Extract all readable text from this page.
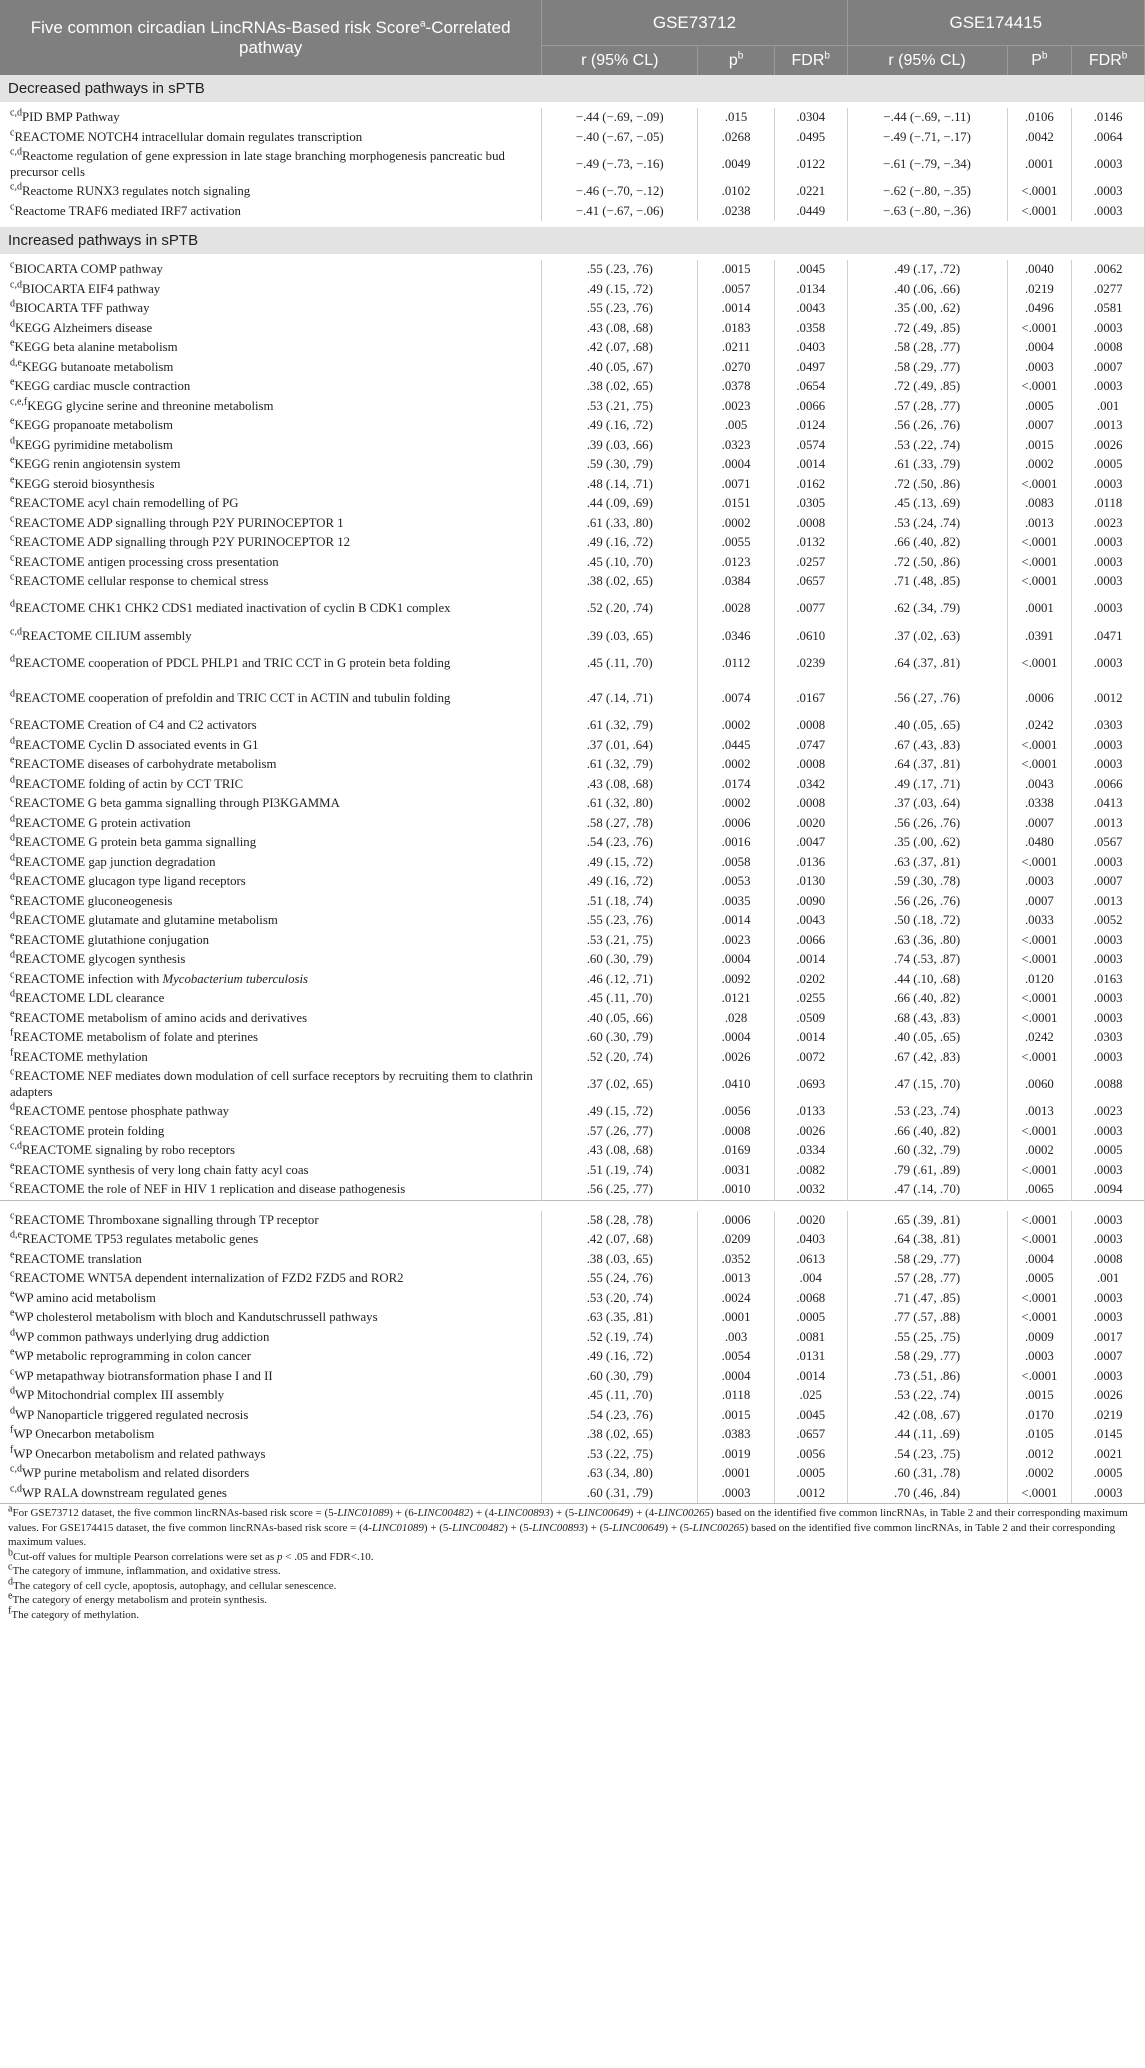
Five common circadian LincRNAs-Based risk Score$^a$-Correlated pathway	GSE73712			GSE174415		
	r (95% CL)	$p^b$	FDR$^b$	r (95% CL)	$P^b$	FDR$^b$
Decreased pathways in sPTB						

$^{c,d}$PID BMP Pathway	−.44 (−.69, −.09)	.015	.0304	−.44 (−.69, −.11)	.0106	.0146
$^c$REACTOME NOTCH4 intracellular domain regulates transcription	−.40 (−.67, −.05)	.0268	.0495	−.49 (−.71, −.17)	.0042	.0064
$^{c,d}$Reactome regulation of gene expression in late stage branching morphogenesis pancreatic bud precursor cells	−.49 (−.73, −.16)	.0049	.0122	−.61 (−.79, −.34)	.0001	.0003
$^{c,d}$Reactome RUNX3 regulates notch signaling	−.46 (−.70, −.12)	.0102	.0221	−.62 (−.80, −.35)	<.0001	.0003
$^c$Reactome TRAF6 mediated IRF7 activation	−.41 (−.67, −.06)	.0238	.0449	−.63 (−.80, −.36)	<.0001	.0003

Increased pathways in sPTB						

$^c$BIOCARTA COMP pathway	.55 (.23, .76)	.0015	.0045	.49 (.17, .72)	.0040	.0062
$^{c,d}$BIOCARTA EIF4 pathway	.49 (.15, .72)	.0057	.0134	.40 (.06, .66)	.0219	.0277
$^d$BIOCARTA TFF pathway	.55 (.23, .76)	.0014	.0043	.35 (.00, .62)	.0496	.0581
$^d$KEGG Alzheimers disease	.43 (.08, .68)	.0183	.0358	.72 (.49, .85)	<.0001	.0003
$^e$KEGG beta alanine metabolism	.42 (.07, .68)	.0211	.0403	.58 (.28, .77)	.0004	.0008
$^{d,e}$KEGG butanoate metabolism	.40 (.05, .67)	.0270	.0497	.58 (.29, .77)	.0003	.0007
$^e$KEGG cardiac muscle contraction	.38 (.02, .65)	.0378	.0654	.72 (.49, .85)	<.0001	.0003
$^{c,e,f}$KEGG glycine serine and threonine metabolism	.53 (.21, .75)	.0023	.0066	.57 (.28, .77)	.0005	.001
$^e$KEGG propanoate metabolism	.49 (.16, .72)	.005	.0124	.56 (.26, .76)	.0007	.0013
$^d$KEGG pyrimidine metabolism	.39 (.03, .66)	.0323	.0574	.53 (.22, .74)	.0015	.0026
$^e$KEGG renin angiotensin system	.59 (.30, .79)	.0004	.0014	.61 (.33, .79)	.0002	.0005
$^e$KEGG steroid biosynthesis	.48 (.14, .71)	.0071	.0162	.72 (.50, .86)	<.0001	.0003
$^e$REACTOME acyl chain remodelling of PG	.44 (.09, .69)	.0151	.0305	.45 (.13, .69)	.0083	.0118
$^c$REACTOME ADP signalling through P2Y PURINOCEPTOR 1	.61 (.33, .80)	.0002	.0008	.53 (.24, .74)	.0013	.0023
$^c$REACTOME ADP signalling through P2Y PURINOCEPTOR 12	.49 (.16, .72)	.0055	.0132	.66 (.40, .82)	<.0001	.0003
$^c$REACTOME antigen processing cross presentation	.45 (.10, .70)	.0123	.0257	.72 (.50, .86)	<.0001	.0003
$^c$REACTOME cellular response to chemical stress	.38 (.02, .65)	.0384	.0657	.71 (.48, .85)	<.0001	.0003
$^d$REACTOME CHK1 CHK2 CDS1 mediated inactivation of cyclin B CDK1 complex	.52 (.20, .74)	.0028	.0077	.62 (.34, .79)	.0001	.0003
$^{c,d}$REACTOME CILIUM assembly	.39 (.03, .65)	.0346	.0610	.37 (.02, .63)	.0391	.0471
$^d$REACTOME cooperation of PDCL PHLP1 and TRIC CCT in G protein beta folding	.45 (.11, .70)	.0112	.0239	.64 (.37, .81)	<.0001	.0003
$^d$REACTOME cooperation of prefoldin and TRIC CCT in ACTIN and tubulin folding	.47 (.14, .71)	.0074	.0167	.56 (.27, .76)	.0006	.0012
$^c$REACTOME Creation of C4 and C2 activators	.61 (.32, .79)	.0002	.0008	.40 (.05, .65)	.0242	.0303
$^d$REACTOME Cyclin D associated events in G1	.37 (.01, .64)	.0445	.0747	.67 (.43, .83)	<.0001	.0003
$^e$REACTOME diseases of carbohydrate metabolism	.61 (.32, .79)	.0002	.0008	.64 (.37, .81)	<.0001	.0003
$^d$REACTOME folding of actin by CCT TRIC	.43 (.08, .68)	.0174	.0342	.49 (.17, .71)	.0043	.0066
$^c$REACTOME G beta gamma signalling through PI3KGAMMA	.61 (.32, .80)	.0002	.0008	.37 (.03, .64)	.0338	.0413
$^d$REACTOME G protein activation	.58 (.27, .78)	.0006	.0020	.56 (.26, .76)	.0007	.0013
$^d$REACTOME G protein beta gamma signalling	.54 (.23, .76)	.0016	.0047	.35 (.00, .62)	.0480	.0567
$^d$REACTOME gap junction degradation	.49 (.15, .72)	.0058	.0136	.63 (.37, .81)	<.0001	.0003
$^d$REACTOME glucagon type ligand receptors	.49 (.16, .72)	.0053	.0130	.59 (.30, .78)	.0003	.0007
$^e$REACTOME gluconeogenesis	.51 (.18, .74)	.0035	.0090	.56 (.26, .76)	.0007	.0013
$^d$REACTOME glutamate and glutamine metabolism	.55 (.23, .76)	.0014	.0043	.50 (.18, .72)	.0033	.0052
$^e$REACTOME glutathione conjugation	.53 (.21, .75)	.0023	.0066	.63 (.36, .80)	<.0001	.0003
$^d$REACTOME glycogen synthesis	.60 (.30, .79)	.0004	.0014	.74 (.53, .87)	<.0001	.0003
$^c$REACTOME infection with Mycobacterium tuberculosis	.46 (.12, .71)	.0092	.0202	.44 (.10, .68)	.0120	.0163
$^d$REACTOME LDL clearance	.45 (.11, .70)	.0121	.0255	.66 (.40, .82)	<.0001	.0003
$^e$REACTOME metabolism of amino acids and derivatives	.40 (.05, .66)	.028	.0509	.68 (.43, .83)	<.0001	.0003
$^f$REACTOME metabolism of folate and pterines	.60 (.30, .79)	.0004	.0014	.40 (.05, .65)	.0242	.0303
$^f$REACTOME methylation	.52 (.20, .74)	.0026	.0072	.67 (.42, .83)	<.0001	.0003
$^c$REACTOME NEF mediates down modulation of cell surface receptors by recruiting them to clathrin adapters	.37 (.02, .65)	.0410	.0693	.47 (.15, .70)	.0060	.0088
$^d$REACTOME pentose phosphate pathway	.49 (.15, .72)	.0056	.0133	.53 (.23, .74)	.0013	.0023
$^c$REACTOME protein folding	.57 (.26, .77)	.0008	.0026	.66 (.40, .82)	<.0001	.0003
$^{c,d}$REACTOME signaling by robo receptors	.43 (.08, .68)	.0169	.0334	.60 (.32, .79)	.0002	.0005
$^e$REACTOME synthesis of very long chain fatty acyl coas	.51 (.19, .74)	.0031	.0082	.79 (.61, .89)	<.0001	.0003
$^c$REACTOME the role of NEF in HIV 1 replication and disease pathogenesis	.56 (.25, .77)	.0010	.0032	.47 (.14, .70)	.0065	.0094

$^c$REACTOME Thromboxane signalling through TP receptor	.58 (.28, .78)	.0006	.0020	.65 (.39, .81)	<.0001	.0003
$^{d,e}$REACTOME TP53 regulates metabolic genes	.42 (.07, .68)	.0209	.0403	.64 (.38, .81)	<.0001	.0003
$^e$REACTOME translation	.38 (.03, .65)	.0352	.0613	.58 (.29, .77)	.0004	.0008
$^c$REACTOME WNT5A dependent internalization of FZD2 FZD5 and ROR2	.55 (.24, .76)	.0013	.004	.57 (.28, .77)	.0005	.001
$^e$WP amino acid metabolism	.53 (.20, .74)	.0024	.0068	.71 (.47, .85)	<.0001	.0003
$^e$WP cholesterol metabolism with bloch and Kandutschrussell pathways	.63 (.35, .81)	.0001	.0005	.77 (.57, .88)	<.0001	.0003
$^d$WP common pathways underlying drug addiction	.52 (.19, .74)	.003	.0081	.55 (.25, .75)	.0009	.0017
$^e$WP metabolic reprogramming in colon cancer	.49 (.16, .72)	.0054	.0131	.58 (.29, .77)	.0003	.0007
$^c$WP metapathway biotransformation phase I and II	.60 (.30, .79)	.0004	.0014	.73 (.51, .86)	<.0001	.0003
$^d$WP Mitochondrial complex III assembly	.45 (.11, .70)	.0118	.025	.53 (.22, .74)	.0015	.0026
$^d$WP Nanoparticle triggered regulated necrosis	.54 (.23, .76)	.0015	.0045	.42 (.08, .67)	.0170	.0219
$^f$WP Onecarbon metabolism	.38 (.02, .65)	.0383	.0657	.44 (.11, .69)	.0105	.0145
$^f$WP Onecarbon metabolism and related pathways	.53 (.22, .75)	.0019	.0056	.54 (.23, .75)	.0012	.0021
$^{c,d}$WP purine metabolism and related disorders	.63 (.34, .80)	.0001	.0005	.60 (.31, .78)	.0002	.0005
$^{c,d}$WP RALA downstream regulated genes	.60 (.31, .79)	.0003	.0012	.70 (.46, .84)	<.0001	.0003

$^a$For GSE73712 dataset, the five common lincRNAs-based risk score = (5-LINC01089) + (6-LINC00482) + (4-LINC00893) + (5-LINC00649) + (4-LINC00265) based on the identified five common lincRNAs, in Table 2 and their corresponding maximum values. For GSE174415 dataset, the five common lincRNAs-based risk score = (4-LINC01089) + (5-LINC00482) + (5-LINC00893) + (5-LINC00649) + (5-LINC00265) based on the identified five common lincRNAs, in Table 2 and their corresponding maximum values.

$^b$Cut-off values for multiple Pearson correlations were set as p < .05 and FDR<.10.

$^c$The category of immune, inflammation, and oxidative stress.

$^d$The category of cell cycle, apoptosis, autophagy, and cellular senescence.

$^e$The category of energy metabolism and protein synthesis.

$^f$The category of methylation.
